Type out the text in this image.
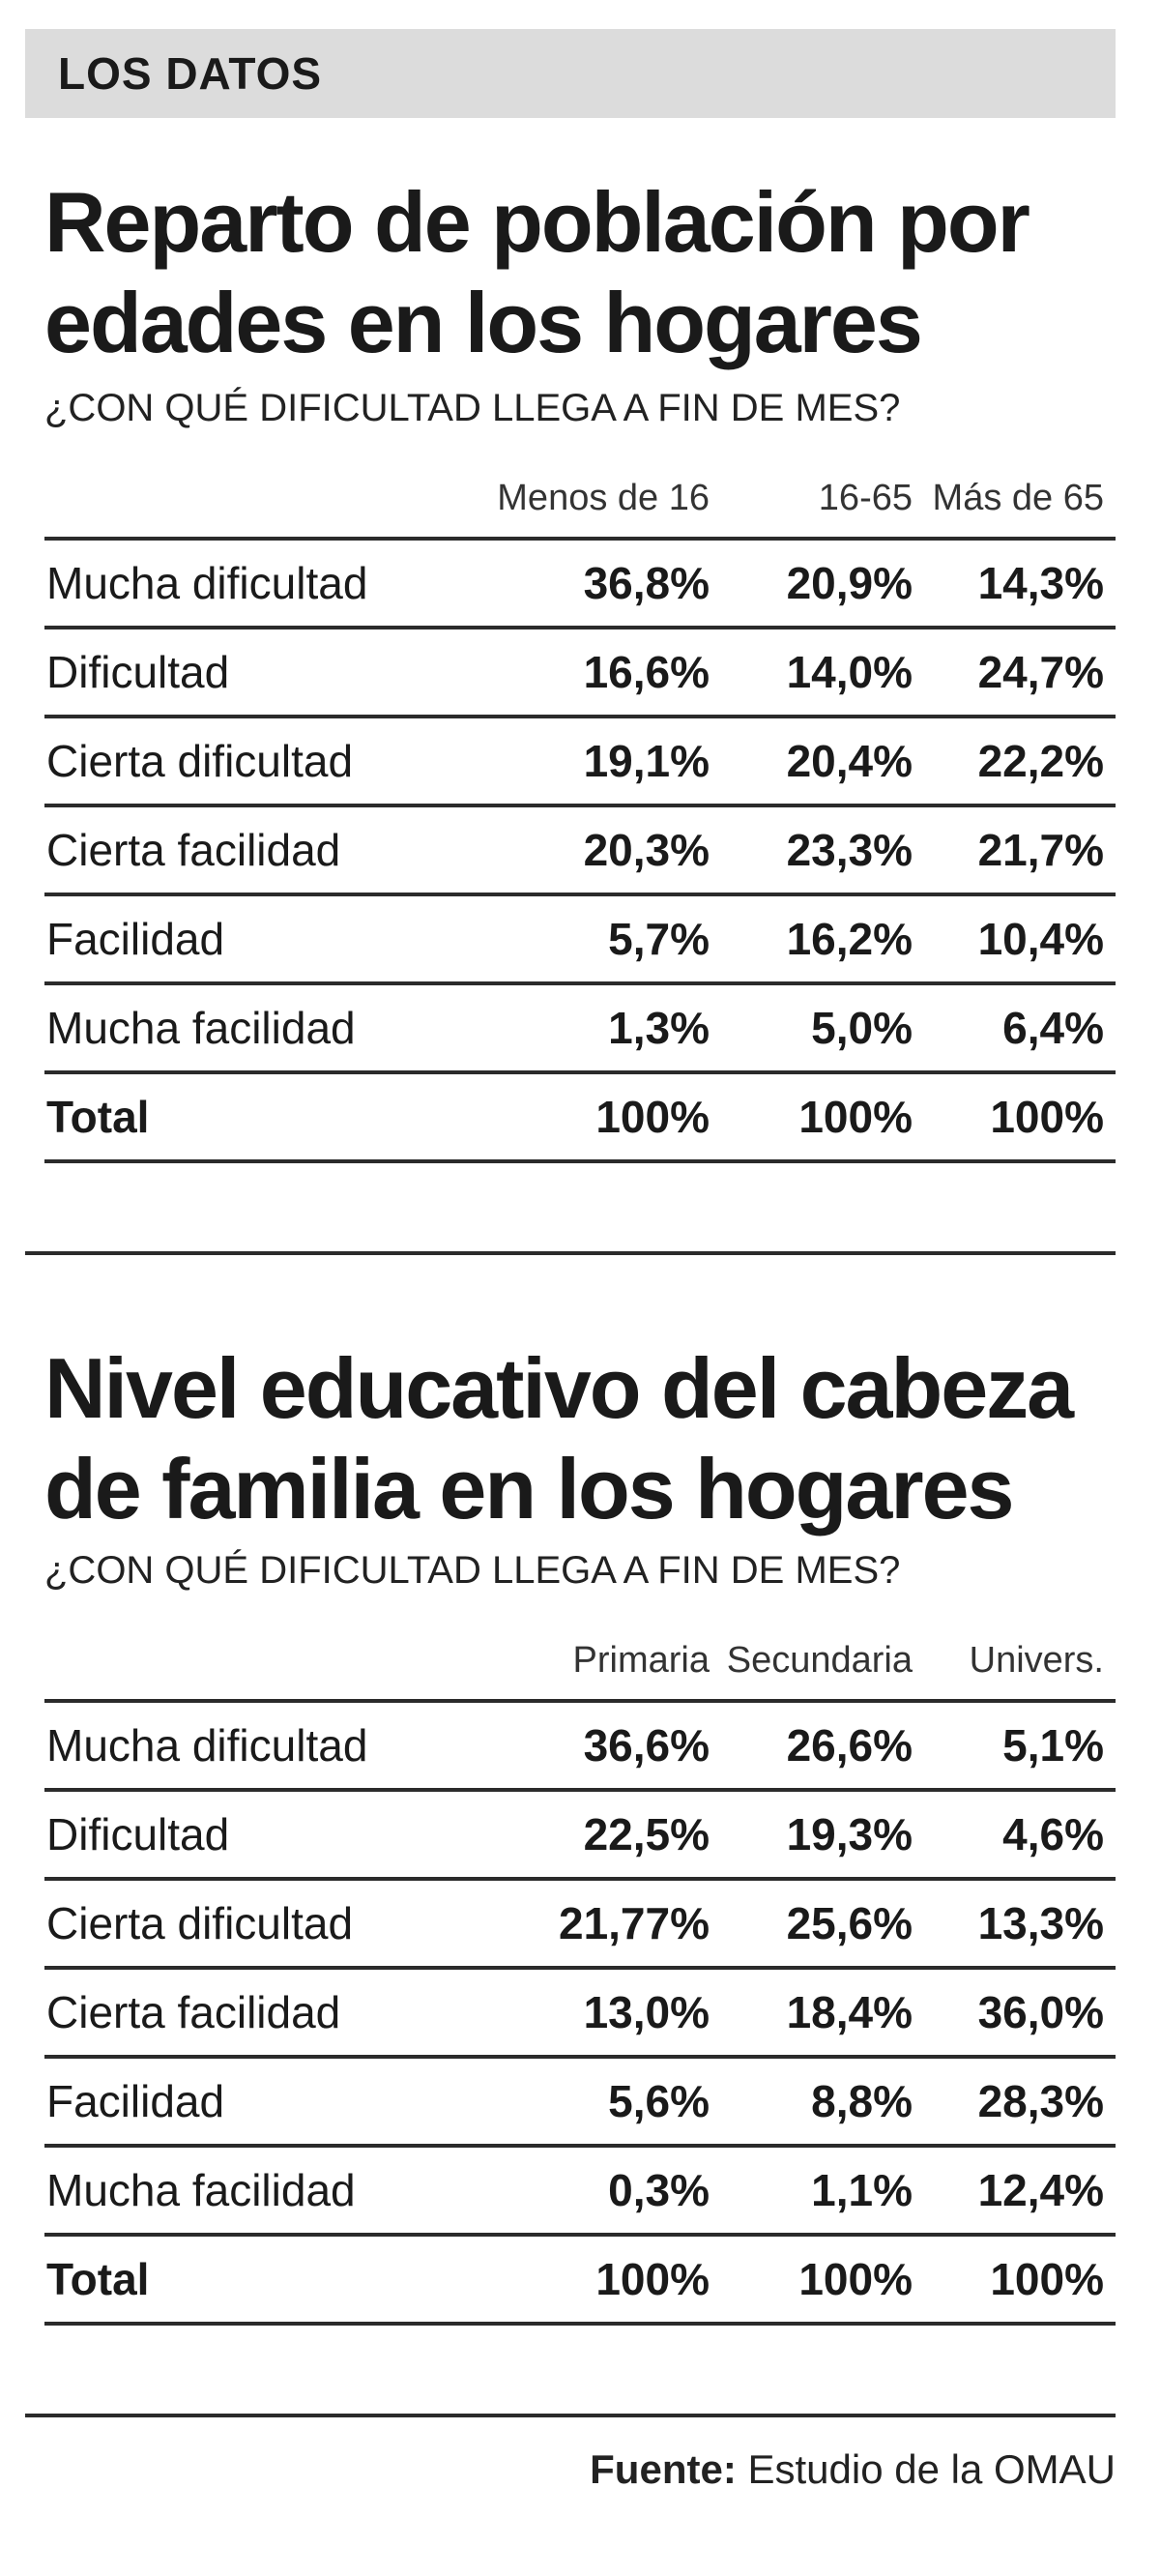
LOS DATOS
Reparto de población por edades en los hogares
¿CON QUÉ DIFICULTAD LLEGA A FIN DE MES?
Menos de 16	16-65 Más de 65
Mucha dificultad	36,8% 20,9% 14,3%
Dificultad	16,6% 14,0% 24,7%
Cierta dificultad	19,1% 20,4% 22,2%
Cierta facilidad	20,3% 23,3% 21,7%
Facilidad	5,7% 16,2% 10,4%
Mucha facilidad	1,3% 5,0% 6,4%
Total	100% 100% 100%
Nivel educativo del cabeza de familia en los hogares
¿CON QUÉ DIFICULTAD LLEGA A FIN DE MES?
Primaria Secundaria Univers.
Mucha dificultad	36,6% 26,6% 5,1%
Dificultad	22,5% 19,3% 4,6%
Cierta dificultad	21,77% 25,6% 13,3%
Cierta facilidad	13,0% 18,4% 36,0%
Facilidad	5,6% 8,8% 28,3%
Mucha facilidad	0,3% 1,1% 12,4%
Total	100% 100% 100%
Fuente: Estudio de la OMAU
